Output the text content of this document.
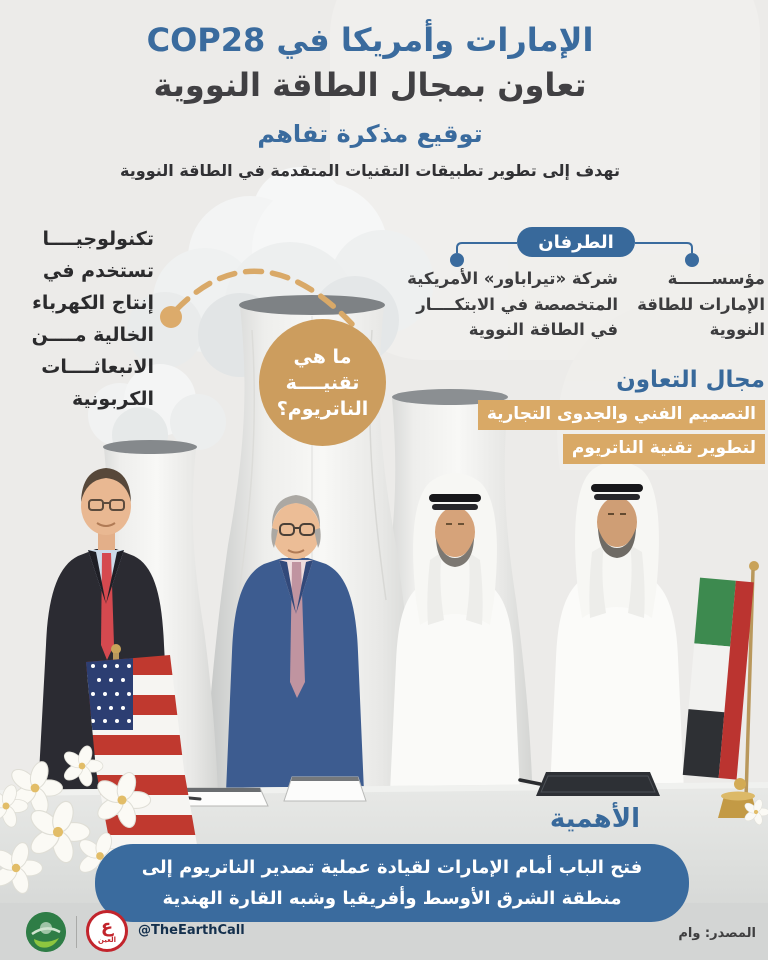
الإمارات وأمريكا في COP28
تعاون بمجال الطاقة النووية
توقيع مذكرة تفاهم
تهدف إلى تطوير تطبيقات التقنيات المتقدمة في الطاقة النووية
تكنولوجيــــا
تستخدم في
إنتاج الكهرباء
الخالية مــــن
الانبعاثــــات
الكربونية
الطرفان
مؤسســــــة
الإمارات للطاقة
النووية
شركة «تيراباور» الأمريكية
المتخصصة في الابتكــــار
في الطاقة النووية
ما هي
تقنيــــة
الناتريوم؟
مجال التعاون
التصميم الفني والجدوى التجارية
لتطوير تقنية الناتريوم
الأهمية
فتح الباب أمام الإمارات لقيادة عملية تصدير الناتريوم إلى
منطقة الشرق الأوسط وأفريقيا وشبه القارة الهندية
ع
العين
@TheEarthCall	المصدر: وام
